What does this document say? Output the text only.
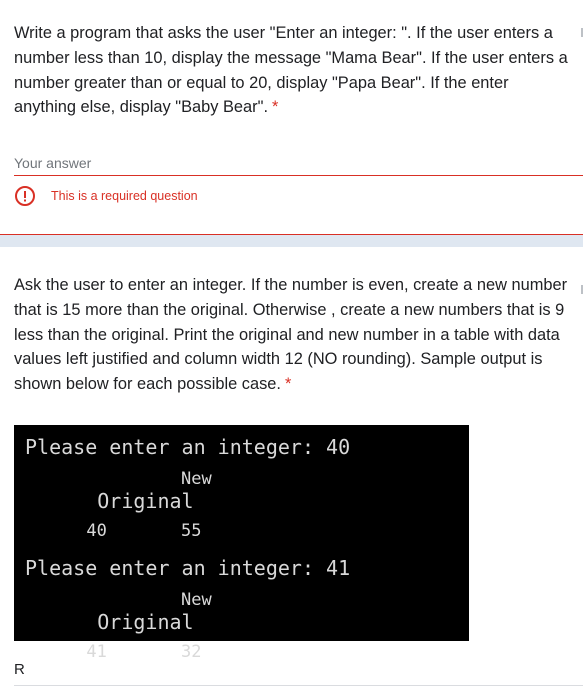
Write a program that asks the user "Enter an integer: ". If the user enters a number less than 10, display the message "Mama Bear". If the user enters a number greater than or equal to 20, display "Papa Bear". If the enter anything else, display "Baby Bear". *

Your answer
This is a required question

Ask the user to enter an integer. If the number is even, create a new number that is 15 more than the original. Otherwise , create a new numbers that is 9 less than the original. Print the original and new number in a table with data values left justified and column width 12 (NO rounding). Sample output is shown below for each possible case. *

Please enter an integer: 40

Original
New

40	55

Please enter an integer: 41

Original
New

41	32

R
